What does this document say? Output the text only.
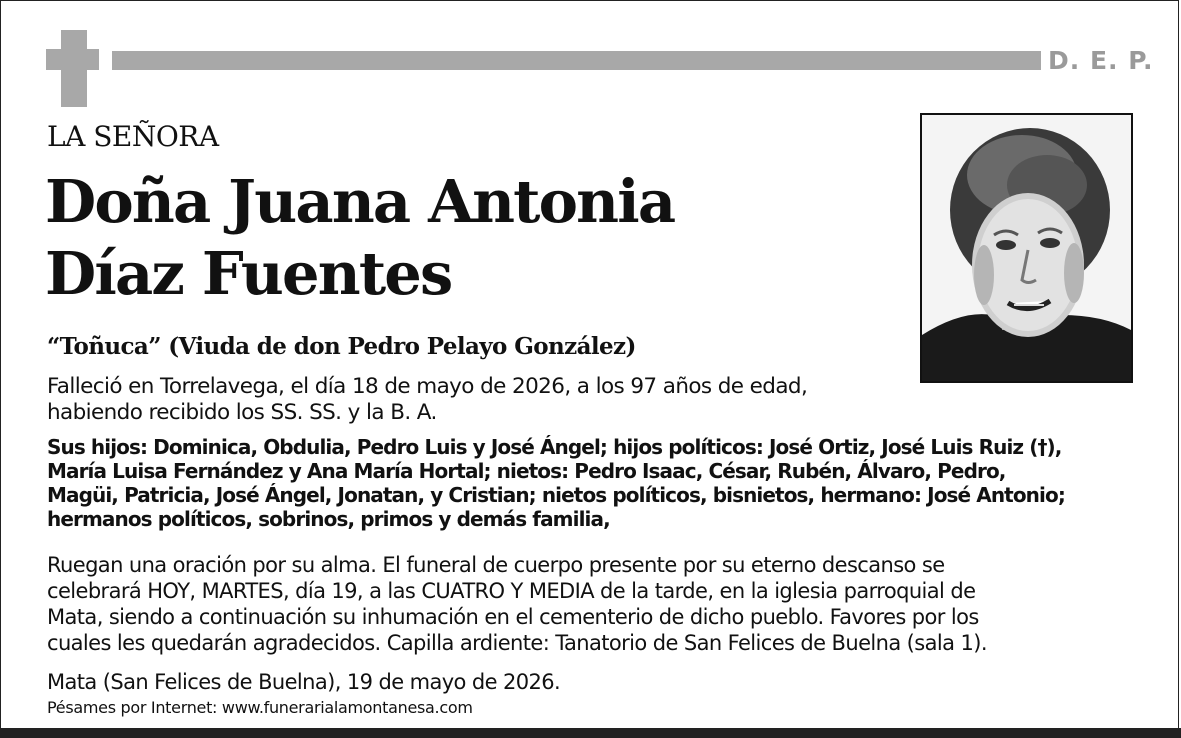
D. E. P.
LA SEÑORA
Doña Juana Antonia
Díaz Fuentes
“Toñuca” (Viuda de don Pedro Pelayo González)
Falleció en Torrelavega, el día 18 de mayo de 2026, a los 97 años de edad,
habiendo recibido los SS. SS. y la B. A.
Sus hijos: Dominica, Obdulia, Pedro Luis y José Ángel; hijos políticos: José Ortiz, José Luis Ruiz (†),
María Luisa Fernández y Ana María Hortal; nietos: Pedro Isaac, César, Rubén, Álvaro, Pedro,
Magüi, Patricia, José Ángel, Jonatan, y Cristian; nietos políticos, bisnietos, hermano: José Antonio;
hermanos políticos, sobrinos, primos y demás familia,
Ruegan una oración por su alma. El funeral de cuerpo presente por su eterno descanso se
celebrará HOY, MARTES, día 19, a las CUATRO Y MEDIA de la tarde, en la iglesia parroquial de
Mata, siendo a continuación su inhumación en el cementerio de dicho pueblo. Favores por los
cuales les quedarán agradecidos. Capilla ardiente: Tanatorio de San Felices de Buelna (sala 1).
Mata (San Felices de Buelna), 19 de mayo de 2026.
Pésames por Internet: www.funerarialamontanesa.com
